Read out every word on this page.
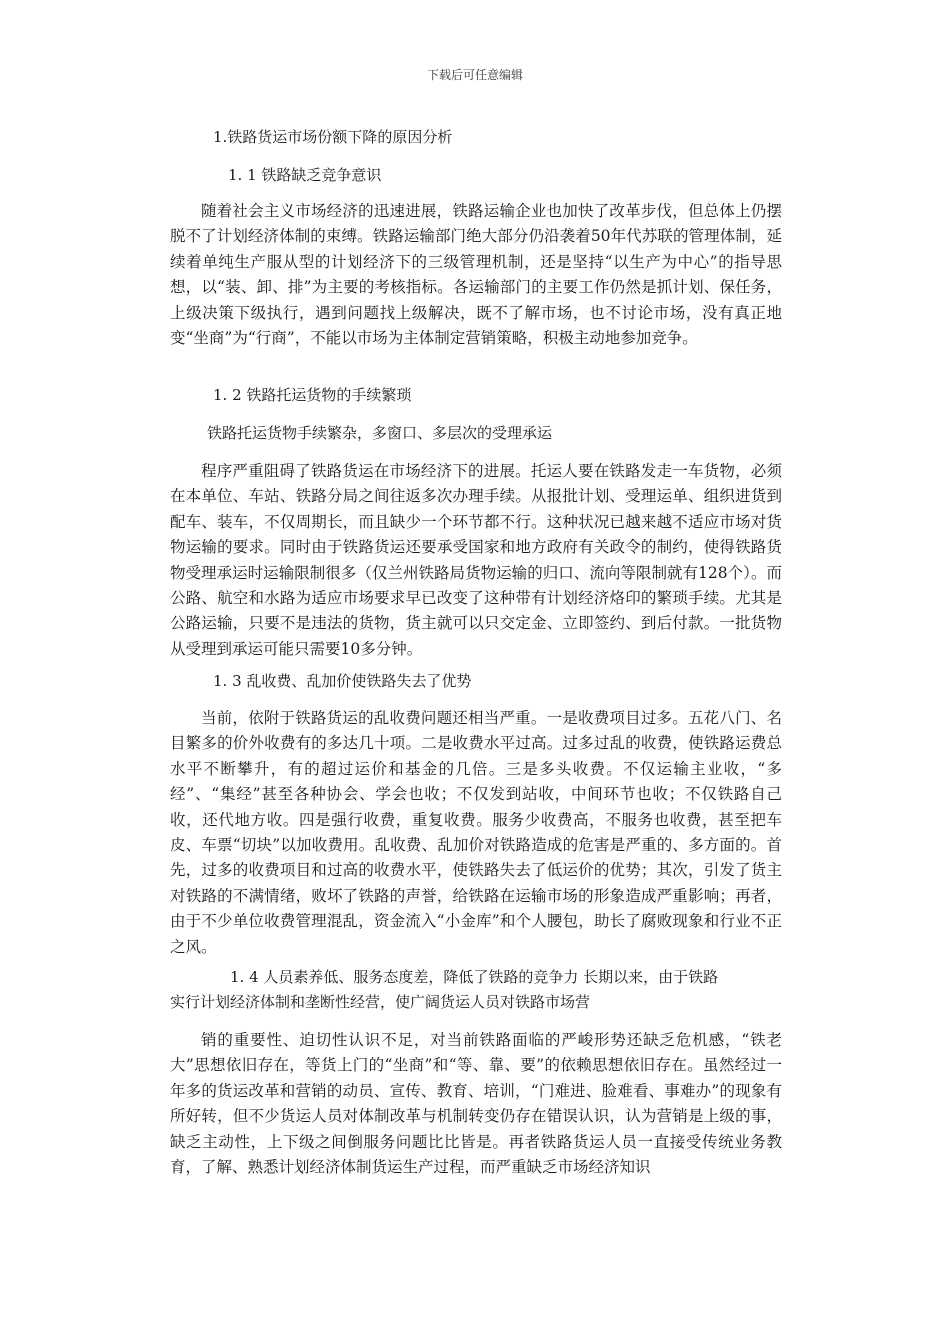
下载后可任意编辑
1.铁路货运市场份额下降的原因分析
1. 1 铁路缺乏竞争意识
随着社会主义市场经济的迅速进展，铁路运输企业也加快了改革步伐，但总体上仍摆脱不了计划经济体制的束缚。铁路运输部门绝大部分仍沿袭着50年代苏联的管理体制，延续着单纯生产服从型的计划经济下的三级管理机制，还是坚持“以生产为中心”的指导思想，以“装、卸、排”为主要的考核指标。各运输部门的主要工作仍然是抓计划、保任务，上级决策下级执行，遇到问题找上级解决，既不了解市场，也不讨论市场，没有真正地变“坐商”为“行商”，不能以市场为主体制定营销策略，积极主动地参加竞争。
1. 2 铁路托运货物的手续繁琐
铁路托运货物手续繁杂，多窗口、多层次的受理承运
程序严重阻碍了铁路货运在市场经济下的进展。托运人要在铁路发走一车货物，必须在本单位、车站、铁路分局之间往返多次办理手续。从报批计划、受理运单、组织进货到配车、装车，不仅周期长，而且缺少一个环节都不行。这种状况已越来越不适应市场对货物运输的要求。同时由于铁路货运还要承受国家和地方政府有关政令的制约，使得铁路货物受理承运时运输限制很多（仅兰州铁路局货物运输的归口、流向等限制就有128个）。而公路、航空和水路为适应市场要求早已改变了这种带有计划经济烙印的繁琐手续。尤其是公路运输，只要不是违法的货物，货主就可以只交定金、立即签约、到后付款。一批货物从受理到承运可能只需要10多分钟。
1. 3 乱收费、乱加价使铁路失去了优势
当前，依附于铁路货运的乱收费问题还相当严重。一是收费项目过多。五花八门、名目繁多的价外收费有的多达几十项。二是收费水平过高。过多过乱的收费，使铁路运费总水平不断攀升，有的超过运价和基金的几倍。三是多头收费。不仅运输主业收，“多经”、“集经”甚至各种协会、学会也收；不仅发到站收，中间环节也收；不仅铁路自己收，还代地方收。四是强行收费，重复收费。服务少收费高，不服务也收费，甚至把车皮、车票“切块”以加收费用。乱收费、乱加价对铁路造成的危害是严重的、多方面的。首先，过多的收费项目和过高的收费水平，使铁路失去了低运价的优势；其次，引发了货主对铁路的不满情绪，败坏了铁路的声誉，给铁路在运输市场的形象造成严重影响；再者，由于不少单位收费管理混乱，资金流入“小金库”和个人腰包，助长了腐败现象和行业不正之风。
1. 4 人员素养低、服务态度差，降低了铁路的竞争力 长期以来，由于铁路
实行计划经济体制和垄断性经营，使广阔货运人员对铁路市场营
销的重要性、迫切性认识不足，对当前铁路面临的严峻形势还缺乏危机感，“铁老大”思想依旧存在，等货上门的“坐商”和“等、靠、要”的依赖思想依旧存在。虽然经过一年多的货运改革和营销的动员、宣传、教育、培训，“门难进、脸难看、事难办”的现象有所好转，但不少货运人员对体制改革与机制转变仍存在错误认识，认为营销是上级的事，缺乏主动性，上下级之间倒服务问题比比皆是。再者铁路货运人员一直接受传统业务教育，了解、熟悉计划经济体制货运生产过程，而严重缺乏市场经济知识
